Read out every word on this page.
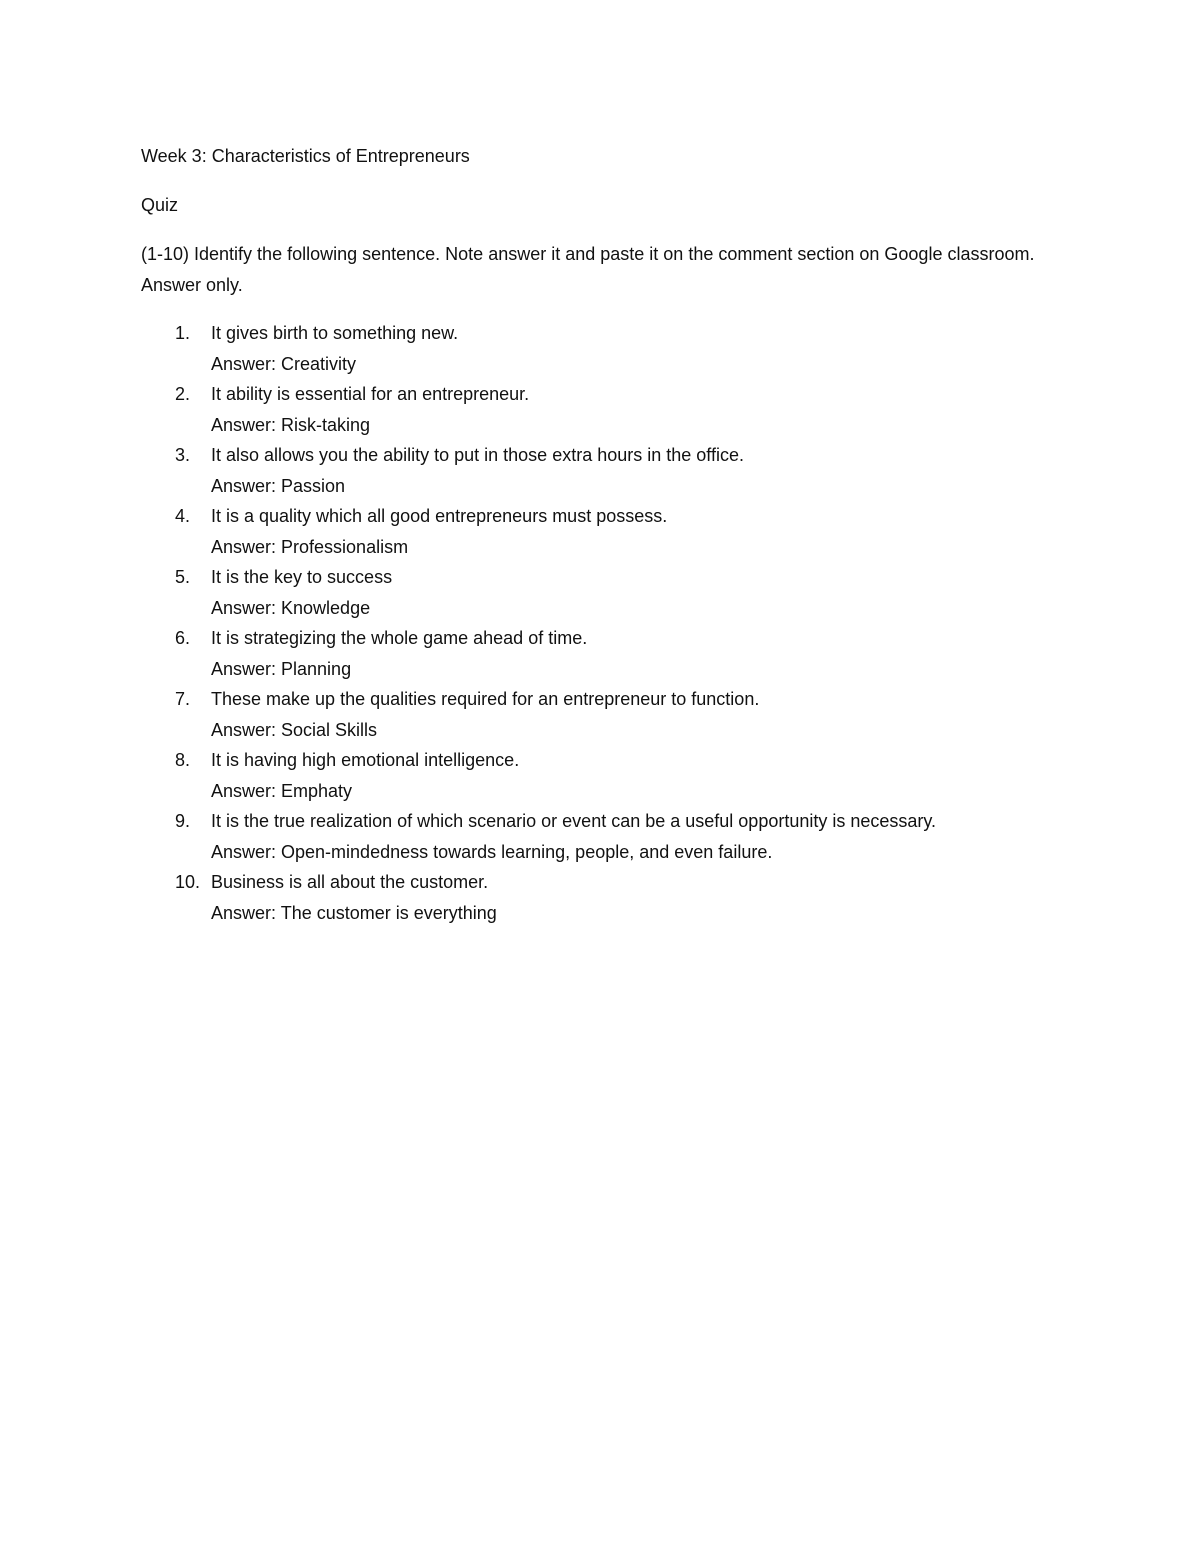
Week 3: Characteristics of Entrepreneurs

Quiz

(1-10) Identify the following sentence. Note answer it and paste it on the comment section on Google classroom. Answer only.

1.	It gives birth to something new.
Answer: Creativity
2.	It ability is essential for an entrepreneur.
Answer: Risk-taking
3.	It also allows you the ability to put in those extra hours in the office.
Answer: Passion
4.	It is a quality which all good entrepreneurs must possess.
Answer: Professionalism
5.	It is the key to success
Answer: Knowledge
6.	It is strategizing the whole game ahead of time.
Answer: Planning
7.	These make up the qualities required for an entrepreneur to function.
Answer: Social Skills
8.	It is having high emotional intelligence.
Answer: Emphaty
9.	It is the true realization of which scenario or event can be a useful opportunity is necessary.
Answer: Open-mindedness towards learning, people, and even failure.
10. Business is all about the customer.
Answer: The customer is everything
